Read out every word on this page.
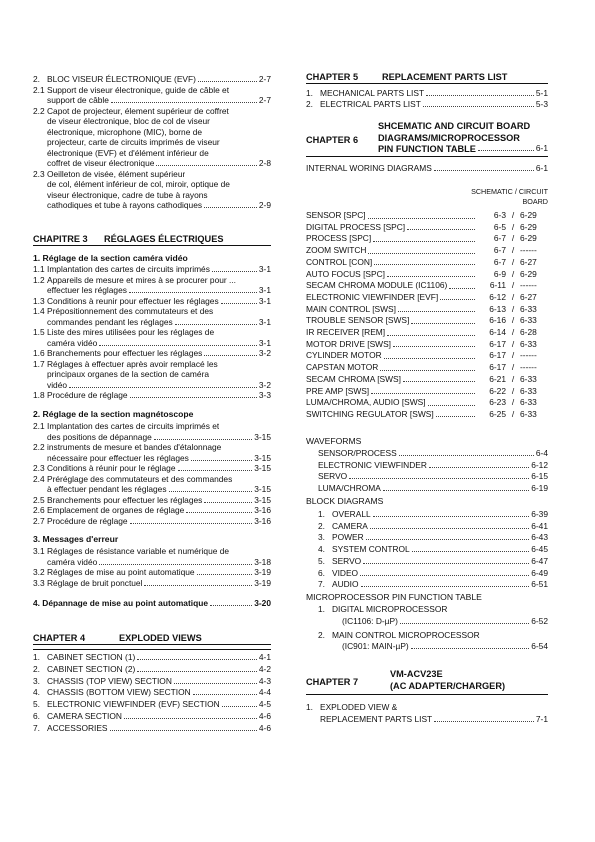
2. BLOC VISEUR ÉLECTRONIQUE (EVF)	2-7
2.1 Support de viseur électronique, guide de câble et
support de câble	2-7
2.2 Capot de projecteur, élement supérieur de coffret
de viseur électronique, bloc de col de viseur
électronique, microphone (MIC), borne de
projecteur, carte de circuits imprimés de viseur
électronique (EVF) et d'élément inférieur de
coffret de viseur électronique	2-8
2.3 Oeilleton de visée, élément supérieur
de col, élément inférieur de col, miroir, optique de
viseur électronique, cadre de tube à rayons
cathodiques et tube à rayons cathodiques	2-9
CHAPITRE 3 RÉGLAGES ÉLECTRIQUES
1. Réglage de la section caméra vidéo
1.1 Implantation des cartes de circuits imprimés	3-1
1.2 Appareils de mesure et mires à se procurer pour ...
effectuer les réglages	3-1
1.3 Conditions à reunir pour effectuer les réglages	3-1
1.4 Prépositionnement des commutateurs et des
commandes pendant les réglages	3-1
1.5 Liste des mires utilisées pour les réglages de
caméra vidéo	3-1
1.6 Branchements pour effectuer les réglages	3-2
1.7 Réglages à effectuer après avoir remplacé les
principaux organes de la section de caméra
vidéo	3-2
1.8 Procédure de réglage	3-3
2. Réglage de la section magnétoscope
2.1 Implantation des cartes de circuits imprimés et
des positions de dépannage	3-15
2.2 instruments de mesure et bandes d'étalonnage
nécessaire pour effectuer les réglages	3-15
2.3 Conditions à réunir pour le réglage	3-15
2.4 Préréglage des commutateurs et des commandes
à effectuer pendant les réglages	3-15
2.5 Branchements pour effectuer les réglages	3-15
2.6 Emplacement de organes de réglage	3-16
2.7 Procédure de réglage	3-16
3. Messages d'erreur
3.1 Réglages de résistance variable et numérique de
caméra vidéo	3-18
3.2 Réglages de mise au point automatique	3-19
3.3 Réglage de bruit ponctuel	3-19
4. Dépannage de mise au point automatique	3-20
CHAPTER 4	EXPLODED VIEWS
1. CABINET SECTION (1)	4-1
2. CABINET SECTION (2)	4-2
3. CHASSIS (TOP VIEW) SECTION	4-3
4. CHASSIS (BOTTOM VIEW) SECTION	4-4
5. ELECTRONIC VIEWFINDER (EVF) SECTION	4-5
6. CAMERA SECTION	4-6
7. ACCESSORIES	4-6
CHAPTER 5	REPLACEMENT PARTS LIST
1. MECHANICAL PARTS LIST	5-1
2. ELECTRICAL PARTS LIST	5-3
CHAPTER 6
SHCEMATIC AND CIRCUIT BOARD
DIAGRAMS/MICROPROCESSOR
PIN FUNCTION TABLE	6-1
INTERNAL WORING DIAGRAMS	6-1
SCHEMATIC / CIRCUIT
BOARD
SENSOR [SPC]	6-3 / 6-29
DIGITAL PROCESS [SPC]	6-5 / 6-29
PROCESS [SPC]	6-7 / 6-29
ZOOM SWITCH	6-7 / ------
CONTROL [CON]	6-7 / 6-27
AUTO FOCUS [SPC]	6-9 / 6-29
SECAM CHROMA MODULE (IC1106)	6-11 / ------
ELECTRONIC VIEWFINDER [EVF]	6-12 / 6-27
MAIN CONTROL [SWS]	6-13 / 6-33
TROUBLE SENSOR [SWS]	6-16 / 6-33
IR RECEIVER [REM]	6-14 / 6-28
MOTOR DRIVE [SWS]	6-17 / 6-33
CYLINDER MOTOR	6-17 / ------
CAPSTAN MOTOR	6-17 / ------
SECAM CHROMA [SWS]	6-21 / 6-33
PRE AMP [SWS]	6-22 / 6-33
LUMA/CHROMA, AUDIO [SWS]	6-23 / 6-33
SWITCHING REGULATOR [SWS]	6-25 / 6-33
WAVEFORMS
SENSOR/PROCESS	6-4
ELECTRONIC VIEWFINDER	6-12
SERVO	6-15
LUMA/CHROMA	6-19
BLOCK DIAGRAMS
1. OVERALL	6-39
2. CAMERA	6-41
3. POWER	6-43
4. SYSTEM CONTROL	6-45
5. SERVO	6-47
6. VIDEO	6-49
7. AUDIO	6-51
MICROPROCESSOR PIN FUNCTION TABLE
1. DIGITAL MICROPROCESSOR
(IC1106: D-µP)	6-52
2. MAIN CONTROL MICROPROCESSOR
(IC901: MAIN-µP)	6-54
CHAPTER 7
VM-ACV23E
(AC ADAPTER/CHARGER)
1. EXPLODED VIEW &
REPLACEMENT PARTS LIST	7-1
